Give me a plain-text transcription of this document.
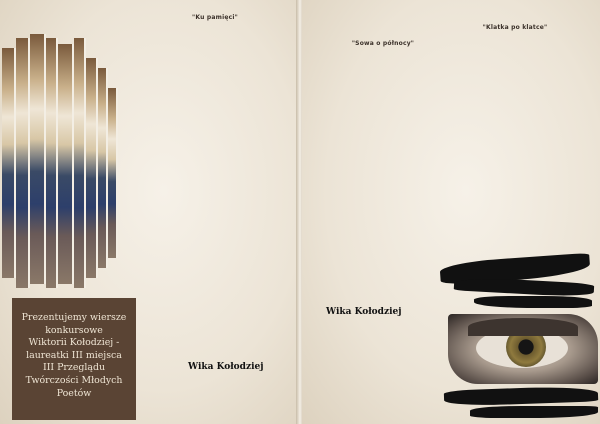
"Ku pamięci"
Prezentujemy wiersze
konkursowe
Wiktorii Kołodziej -
laureatki III miejsca
III Przeglądu
Twórczości Młodych
Poetów
Wika Kołodziej
"Sowa o północy"
"Klatka po klatce"
Wika Kołodziej
